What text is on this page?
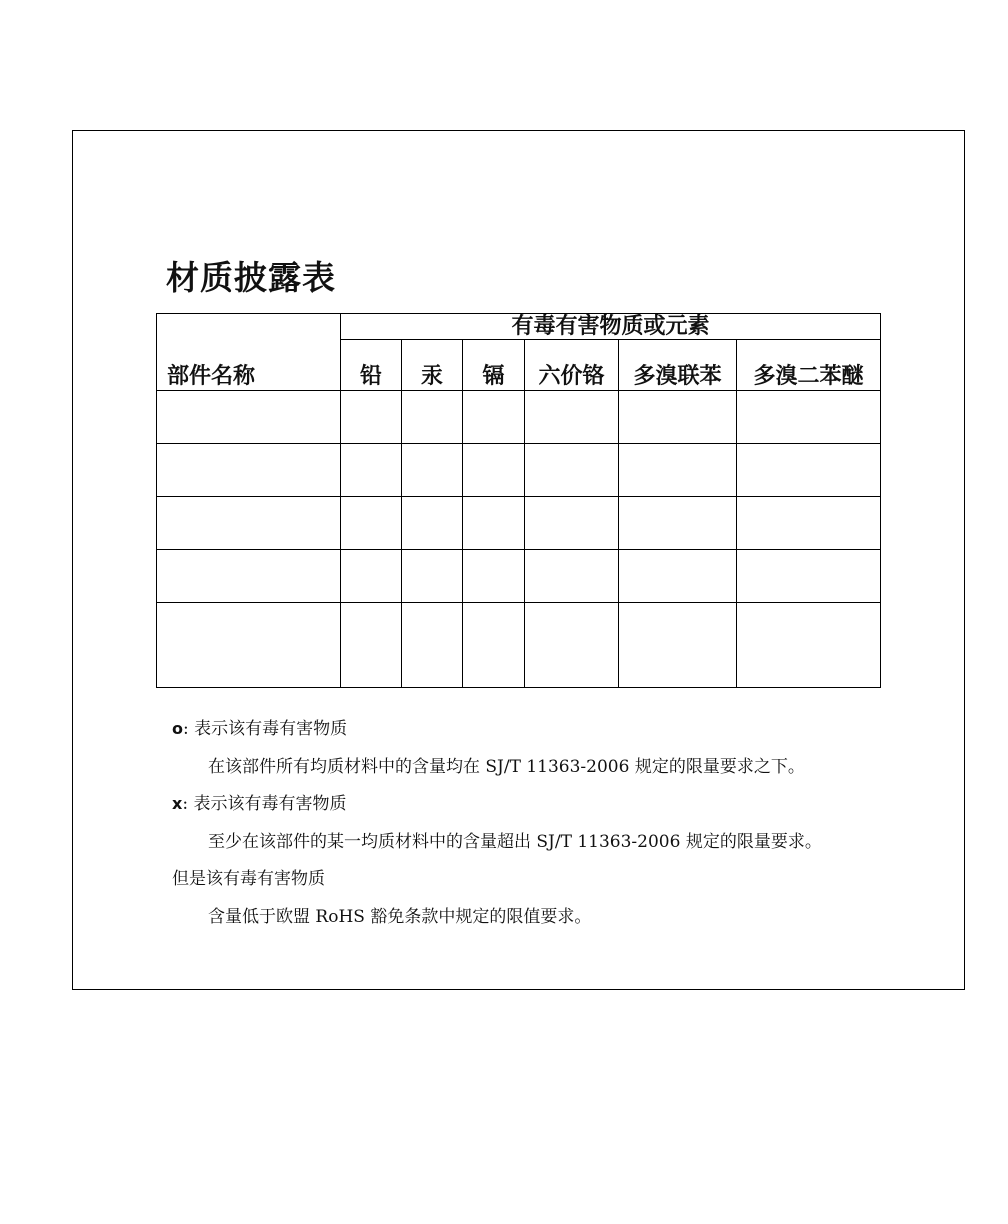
材质披露表
部件名称	有毒有害物质或元素					
	铅	汞	镉	六价铬	多溴联苯	多溴二苯醚

o: 表示该有毒有害物质
在该部件所有均质材料中的含量均在 SJ/T 11363-2006 规定的限量要求之下。
x: 表示该有毒有害物质
至少在该部件的某一均质材料中的含量超出 SJ/T 11363-2006 规定的限量要求。
但是该有毒有害物质
含量低于欧盟 RoHS 豁免条款中规定的限值要求。
